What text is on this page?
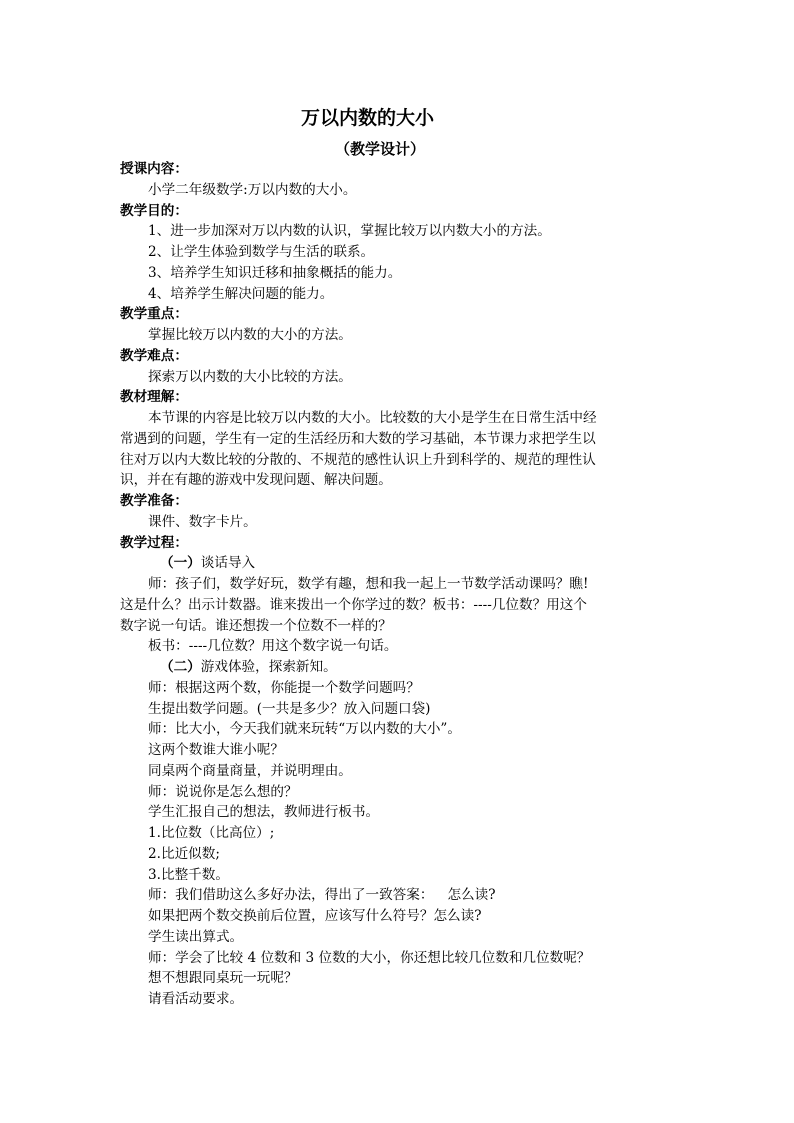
万以内数的大小
（教学设计）
授课内容：
小学二年级数学:万以内数的大小。
教学目的：
1、进一步加深对万以内数的认识，掌握比较万以内数大小的方法。
2、让学生体验到数学与生活的联系。
3、培养学生知识迁移和抽象概括的能力。
4、培养学生解决问题的能力。
教学重点：
掌握比较万以内数的大小的方法。
教学难点：
探索万以内数的大小比较的方法。
教材理解：
本节课的内容是比较万以内数的大小。比较数的大小是学生在日常生活中经
常遇到的问题，学生有一定的生活经历和大数的学习基础，本节课力求把学生以
往对万以内大数比较的分散的、不规范的感性认识上升到科学的、规范的理性认
识，并在有趣的游戏中发现问题、解决问题。
教学准备：
课件、数字卡片。
教学过程：
（一）谈话导入
师：孩子们，数学好玩，数学有趣，想和我一起上一节数学活动课吗？瞧!
这是什么？出示计数器。谁来拨出一个你学过的数？板书：----几位数？用这个
数字说一句话。谁还想拨一个位数不一样的？
板书：----几位数？用这个数字说一句话。
（二）游戏体验，探索新知。
师：根据这两个数，你能提一个数学问题吗？
生提出数学问题。(一共是多少？放入问题口袋)
师：比大小，今天我们就来玩转“万以内数的大小”。
这两个数谁大谁小呢？
同桌两个商量商量，并说明理由。
师：说说你是怎么想的？
学生汇报自己的想法，教师进行板书。
1.比位数（比高位）;
2.比近似数;
3.比整千数。
师：我们借助这么多好办法，得出了一致答案： 怎么读?
如果把两个数交换前后位置，应该写什么符号？怎么读?
学生读出算式。
师：学会了比较 4 位数和 3 位数的大小，你还想比较几位数和几位数呢？
想不想跟同桌玩一玩呢？
请看活动要求。
